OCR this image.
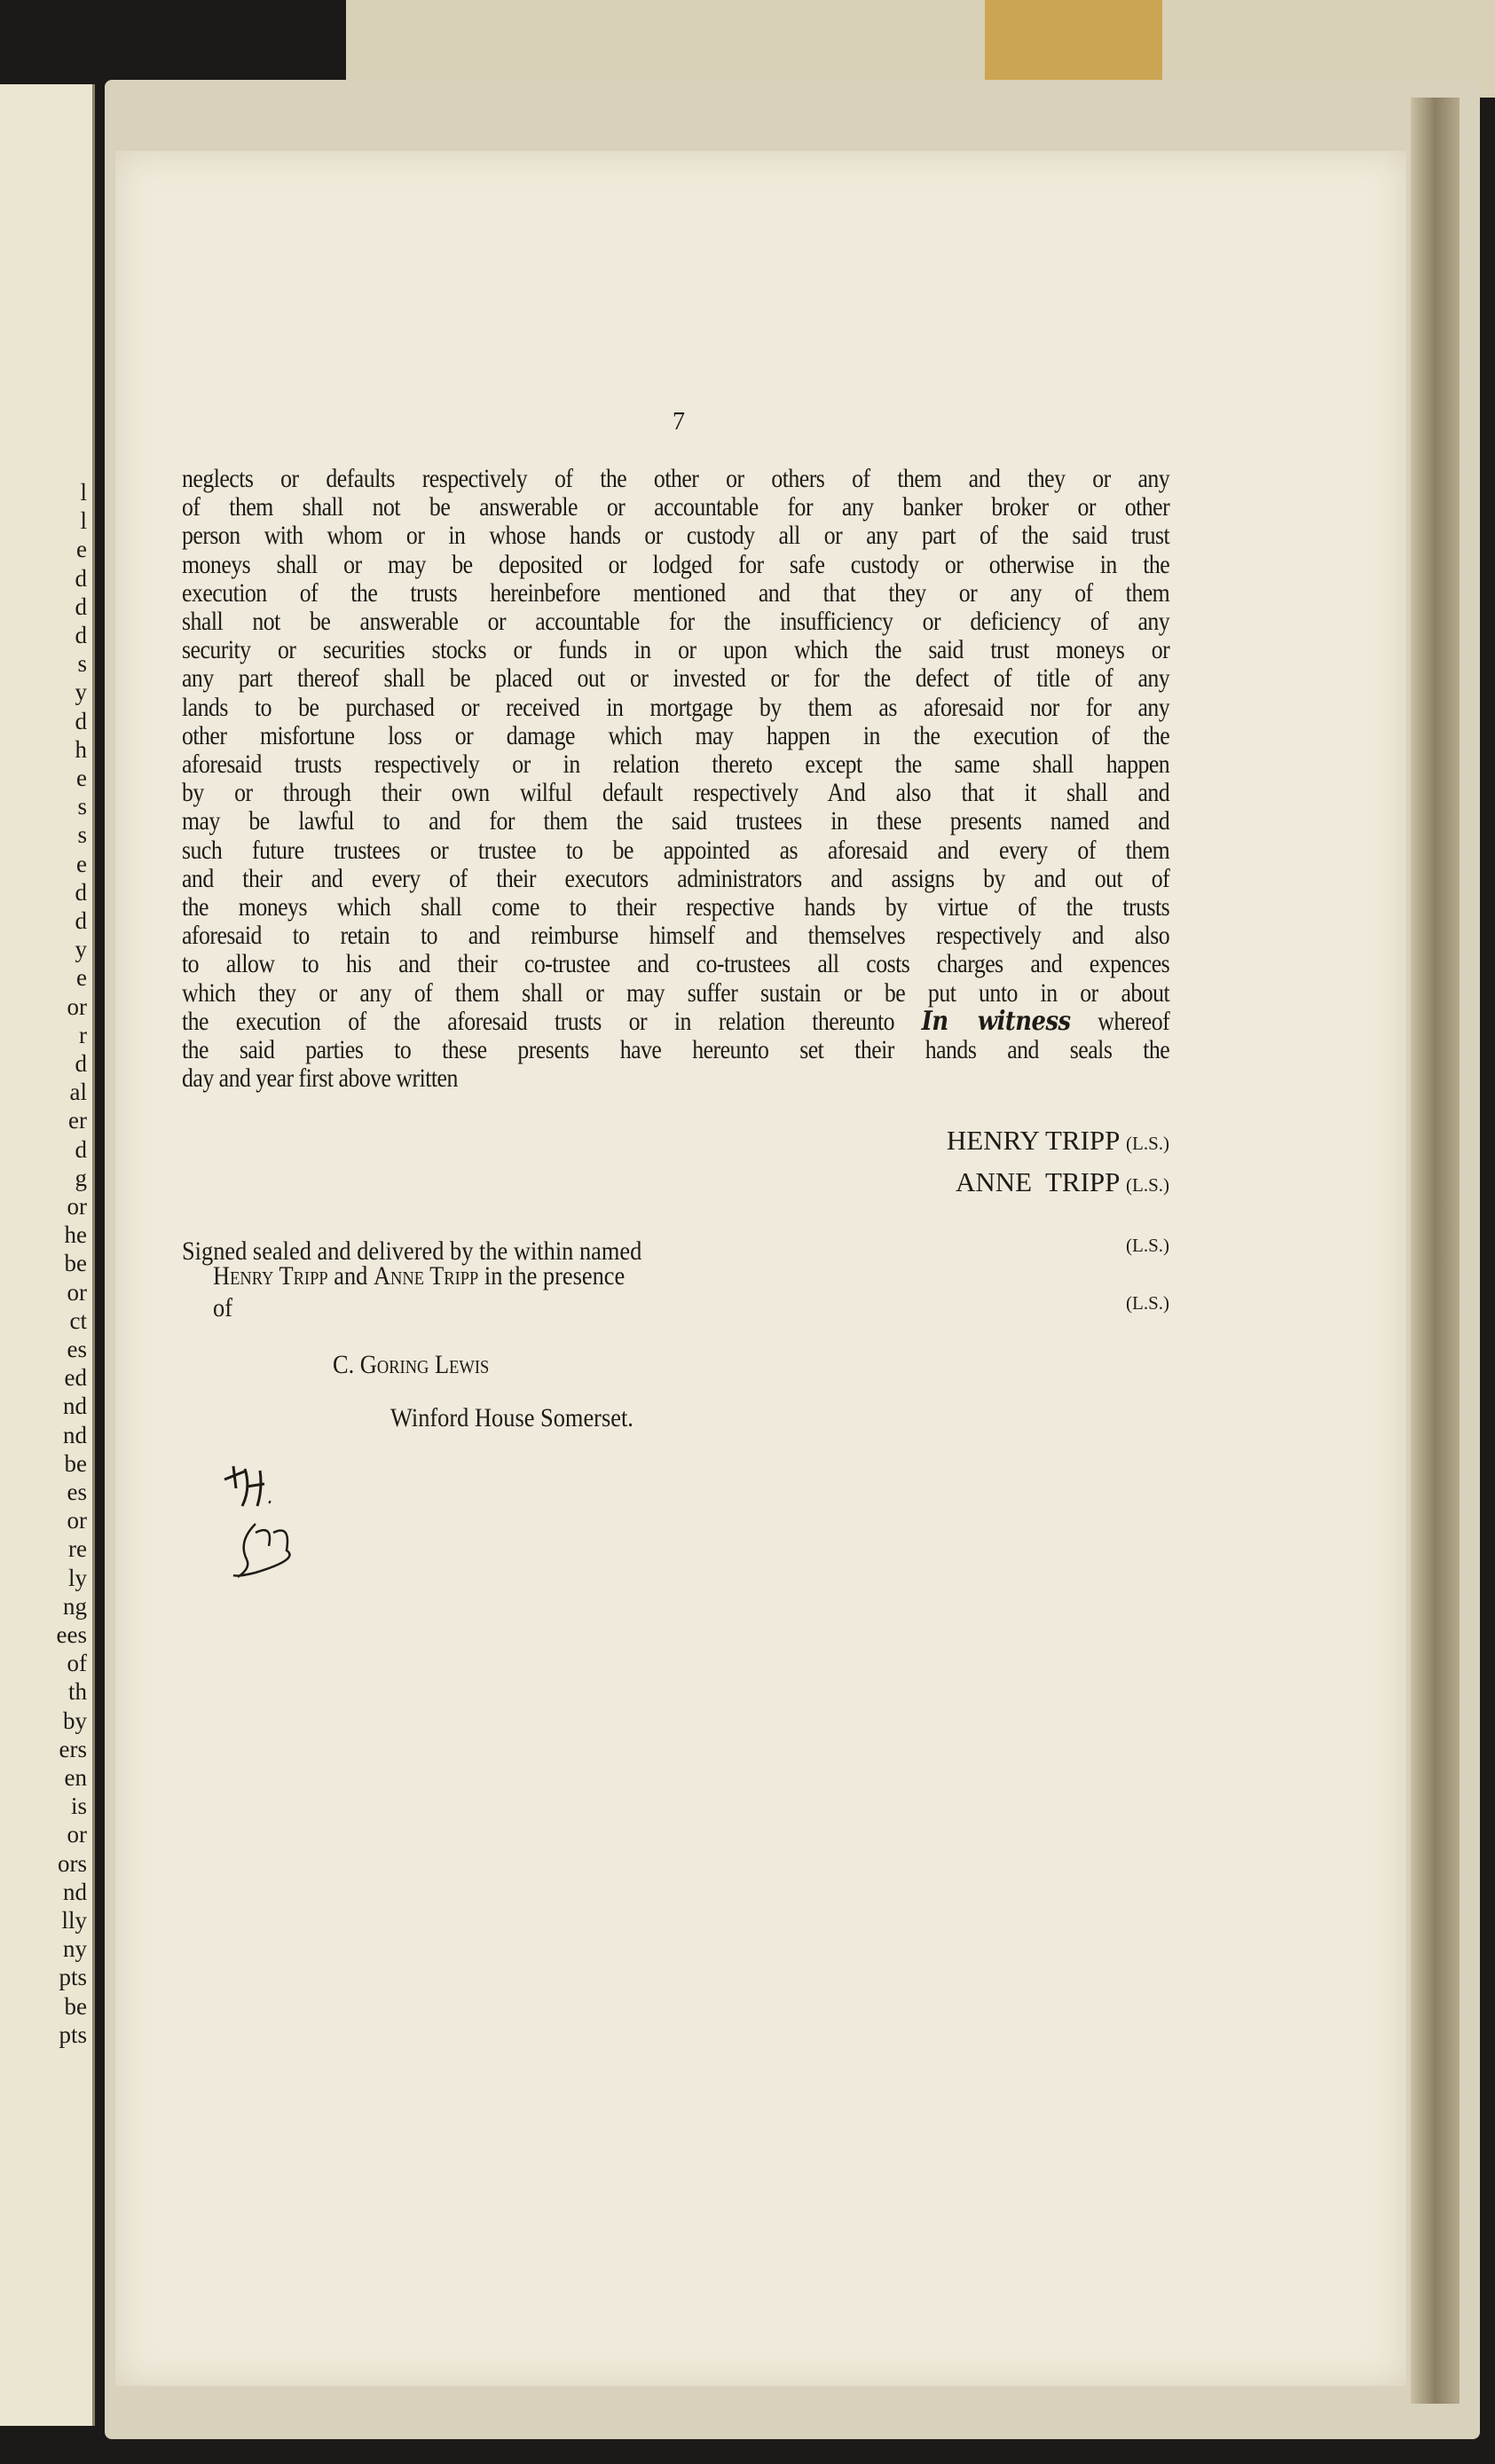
l
l
e
d
d
d
s
y
d
h
e
s
s
e
d
d
y
e
or
r
d
al
er
d
g
or
he
be
or
ct
es
ed
nd
nd
be
es
or
re
ly
ng
ees
of
th
by
ers
en
is
or
ors
nd
lly
ny
pts
be
pts
7
neglects or defaults respectively of the other or others of them and they or any
of them shall not be answerable or accountable for any banker broker or other
person with whom or in whose hands or custody all or any part of the said trust
moneys shall or may be deposited or lodged for safe custody or otherwise in the
execution of the trusts hereinbefore mentioned and that they or any of them
shall not be answerable or accountable for the insufficiency or deficiency of any
security or securities stocks or funds in or upon which the said trust moneys or
any part thereof shall be placed out or invested or for the defect of title of any
lands to be purchased or received in mortgage by them as aforesaid nor for any
other misfortune loss or damage which may happen in the execution of the
aforesaid trusts respectively or in relation thereto except the same shall happen
by or through their own wilful default respectively And also that it shall and
may be lawful to and for them the said trustees in these presents named and
such future trustees or trustee to be appointed as aforesaid and every of them
and their and every of their executors administrators and assigns by and out of
the moneys which shall come to their respective hands by virtue of the trusts
aforesaid to retain to and reimburse himself and themselves respectively and also
to allow to his and their co-trustee and co-trustees all costs charges and expences
which they or any of them shall or may suffer sustain or be put unto in or about
the execution of the aforesaid trusts or in relation thereunto In witness whereof
the said parties to these presents have hereunto set their hands and seals the
day and year first above written
HENRY TRIPP (L.S.)
ANNE  TRIPP (L.S.)
(L.S.)
(L.S.)
Signed sealed and delivered by the within named
Henry Tripp and Anne Tripp in the presence
of
C. Goring Lewis
Winford House Somerset.
